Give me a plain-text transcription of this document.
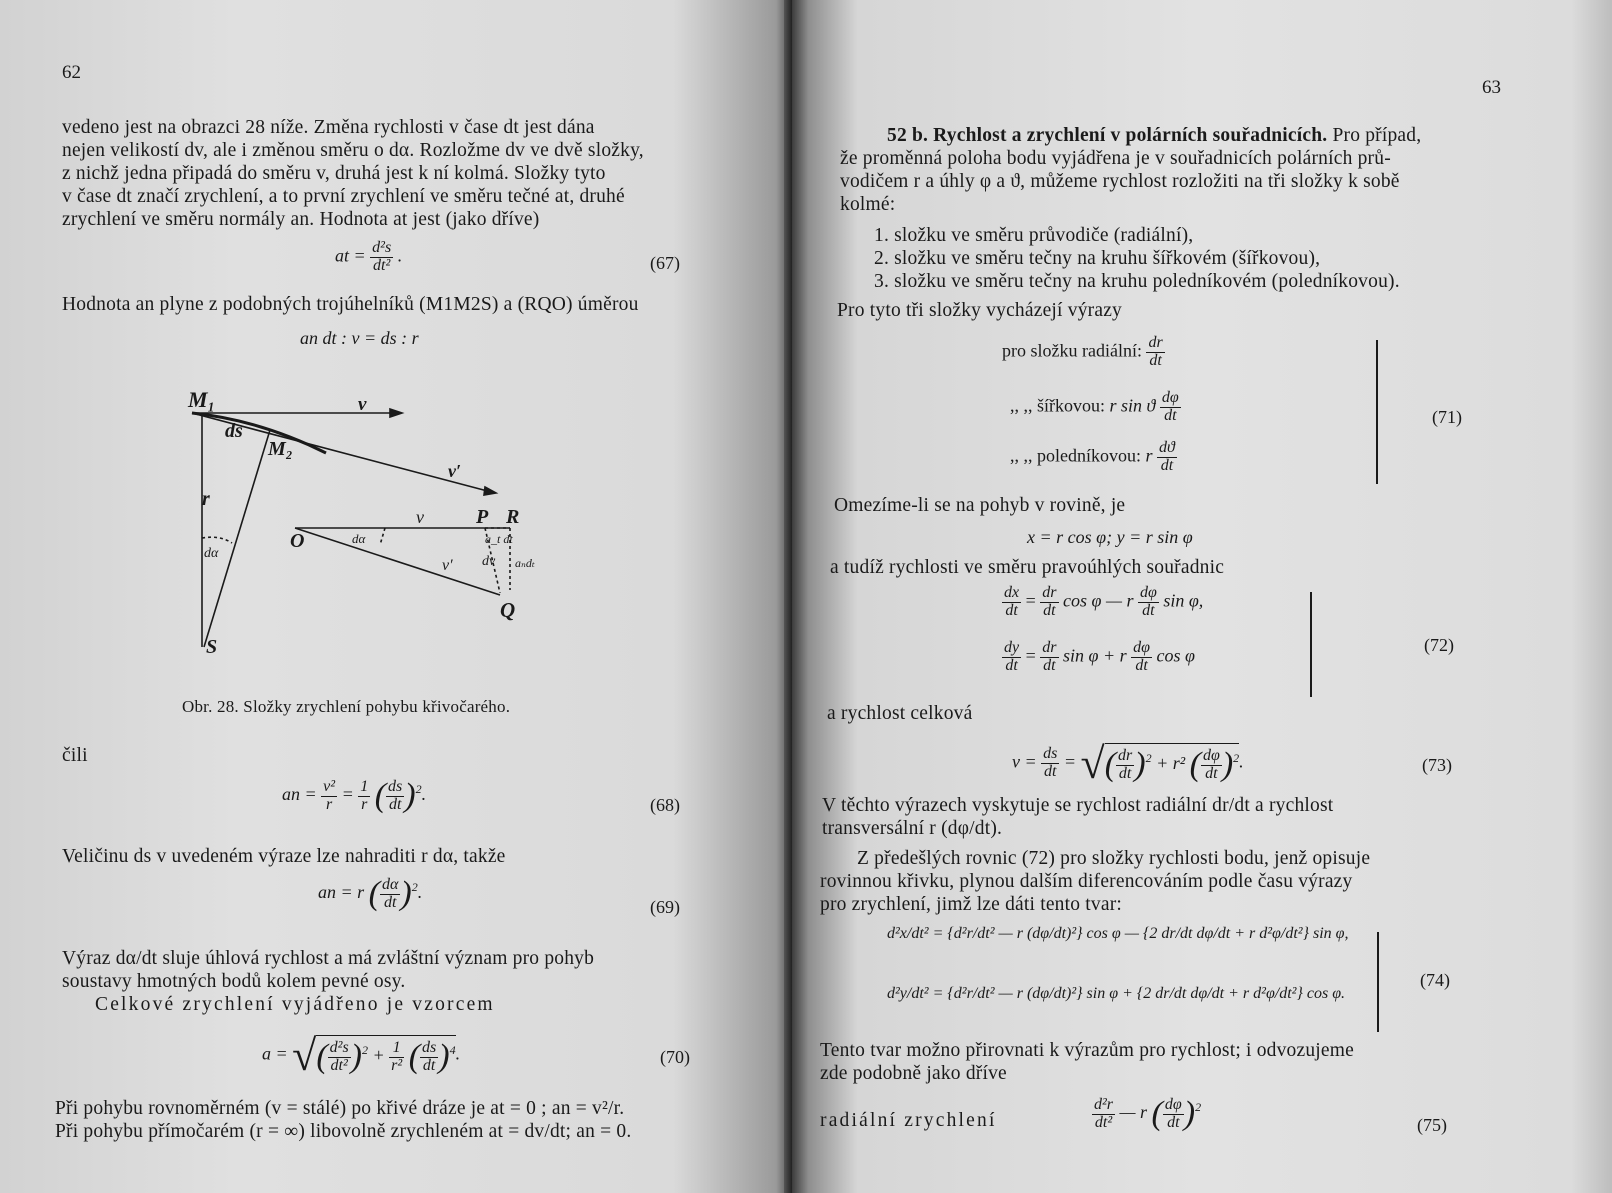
62
vedeno jest na obrazci 28 níže. Změna rychlosti v čase dt jest dána
nejen velikostí dv, ale i změnou směru o dα. Rozložme dv ve dvě složky,
z nichž jedna připadá do směru v, druhá jest k ní kolmá. Složky tyto
v čase dt značí zrychlení, a to první zrychlení ve směru tečné at, druhé
zrychlení ve směru normály an. Hodnota at jest (jako dříve)
at = $\frac{\text{d²s}}{\text{dt²}}$ .	(67)
Hodnota an plyne z podobných trojúhelníků (M1M2S) a (RQO) úměrou
an dt : v = ds : r
M₁	v
ds
M₂
v′
r
dα
S
O	dα
v	P R
a_t dt
dv
v′	aₙdₜ
Q
Obr. 28. Složky zrychlení pohybu křivočarého.
čili
an = $\frac{\text{v²}}{r} = \frac{1}{r}$ ( $\frac{ds}{dt} )^2$.
(68)
Veličinu ds v uvedeném výraze lze nahraditi r dα, takže
an = r ( $\frac{d\alpha}{dt} )^2$.
(69)
Výraz dα/dt sluje úhlová rychlost a má zvláštní význam pro pohyb
soustavy hmotných bodů kolem pevné osy.
Celkové zrychlení vyjádřeno je vzorcem
a = √( $\frac{\text{d²s}}{\text{dt²}} )^2 + \frac{1}{\text{r²}}$ ( $\frac{ds}{dt} )^4$.	(70)
Při pohybu rovnoměrném (v = stálé) po křivé dráze je at = 0 ; an = v²/r.
Při pohybu přímočarém (r = ∞) libovolně zrychleném at = dv/dt; an = 0.
63
52 b. Rychlost a zrychlení v polárních souřadnicích. Pro případ,
že proměnná poloha bodu vyjádřena je v souřadnicích polárních prů-
vodičem r a úhly φ a ϑ, můžeme rychlost rozložiti na tři složky k sobě
kolmé:
1. složku ve směru průvodiče (radiální),
2. složku ve směru tečny na kruhu šířkovém (šířkovou),
3. složku ve směru tečny na kruhu poledníkovém (poledníkovou).
Pro tyto tři složky vycházejí výrazy
pro složku radiální: $\frac{dr}{dt}$
,, ,, šířkovou: r sin ϑ $\frac{d\varphi}{dt}$
,, ,, poledníkovou: r $\frac{dϑ}{dt}$
(71)
Omezíme-li se na pohyb v rovině, je
x = r cos φ; y = r sin φ
a tudíž rychlosti ve směru pravoúhlých souřadnic
$\frac{dx}{dt} = \frac{dr}{dt}$ cos φ — r $\frac{d\varphi}{dt}$ sin φ,
$\frac{dy}{dt} = \frac{dr}{dt}$ sin φ + r $\frac{d\varphi}{dt}$ cos φ
(72)
a rychlost celková
$v = \frac{ds}{dt}$ = √( $\frac{dr}{dt} )^2 + r^2$ ( $\frac{d\varphi}{dt} )^2$.	(73)
V těchto výrazech vyskytuje se rychlost radiální dr/dt a rychlost
transversální r (dφ/dt).
Z předešlých rovnic (72) pro složky rychlosti bodu, jenž opisuje
rovinnou křivku, plynou dalším diferencováním podle času výrazy
pro zrychlení, jimž lze dáti tento tvar:
d²x/dt² = {d²r/dt² — r (dφ/dt)²} cos φ — {2 dr/dt dφ/dt + r d²φ/dt²} sin φ,
d²y/dt² = {d²r/dt² — r (dφ/dt)²} sin φ + {2 dr/dt dφ/dt + r d²φ/dt²} cos φ.
(74)
Tento tvar možno přirovnati k výrazům pro rychlost; i odvozujeme
zde podobně jako dříve
radiální zrychlení	$\frac{\text{d²r}}{\text{dt²}}$ — r ( $\frac{d\varphi}{dt} )^2$
(75)
